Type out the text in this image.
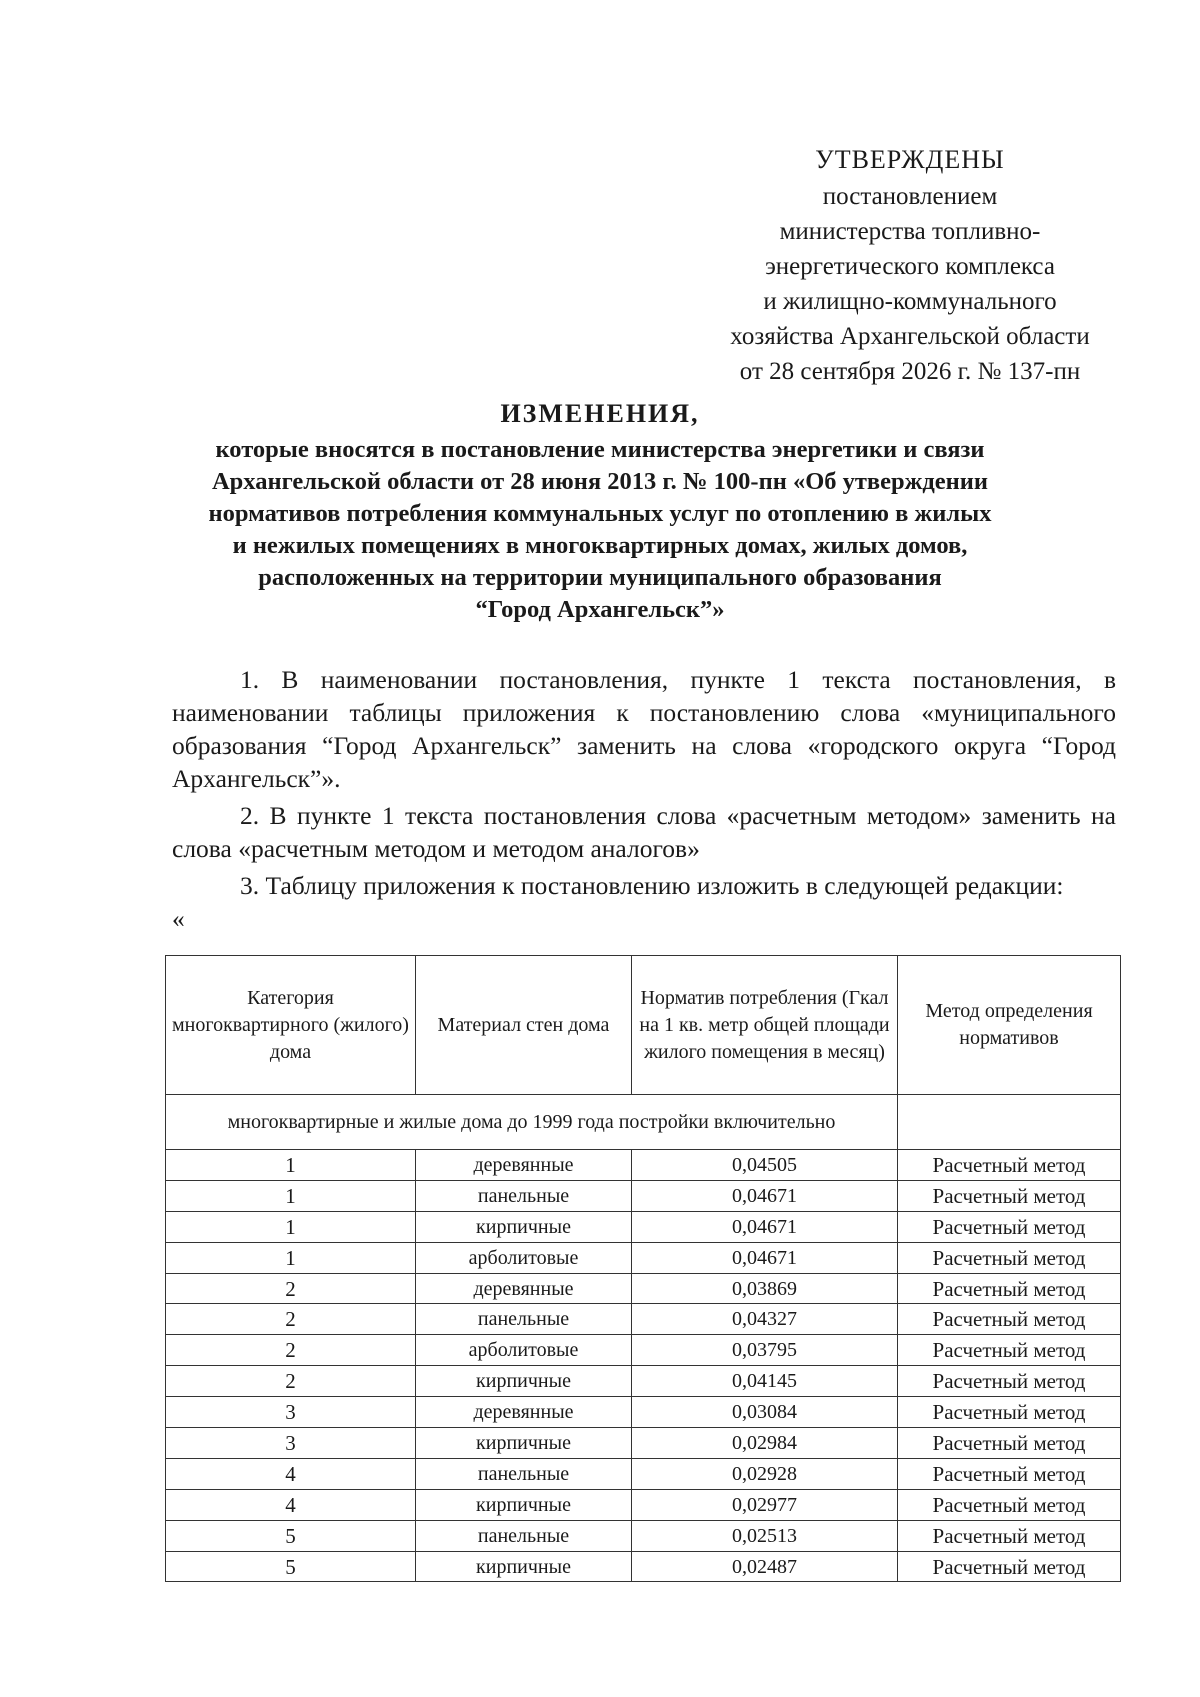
УТВЕРЖДЕНЫ
постановлением
министерства топливно-
энергетического комплекса
и жилищно-коммунального
хозяйства Архангельской области
от 28 сентября 2026 г. № 137-пн
ИЗМЕНЕНИЯ,
которые вносятся в постановление министерства энергетики и связи
Архангельской области от 28 июня 2013 г. № 100-пн «Об утверждении
нормативов потребления коммунальных услуг по отоплению в жилых
и нежилых помещениях в многоквартирных домах, жилых домов,
расположенных на территории муниципального образования
“Город Архангельск”»

1. В наименовании постановления, пункте 1 текста постановления, в наименовании таблицы приложения к постановлению слова «муниципального образования “Город Архангельск” заменить на слова «городского округа “Город Архангельск”».

2. В пункте 1 текста постановления слова «расчетным методом» заменить на слова «расчетным методом и методом аналогов»

3. Таблицу приложения к постановлению изложить в следующей редакции:

«
Категория многоквартирного (жилого) дома	Материал стен дома	Норматив потребления (Гкал на 1 кв. метр общей площади жилого помещения в месяц)	Метод определения нормативов
многоквартирные и жилые дома до 1999 года постройки включительно			
1	деревянные	0,04505	Расчетный метод
1	панельные	0,04671	Расчетный метод
1	кирпичные	0,04671	Расчетный метод
1	арболитовые	0,04671	Расчетный метод
2	деревянные	0,03869	Расчетный метод
2	панельные	0,04327	Расчетный метод
2	арболитовые	0,03795	Расчетный метод
2	кирпичные	0,04145	Расчетный метод
3	деревянные	0,03084	Расчетный метод
3	кирпичные	0,02984	Расчетный метод
4	панельные	0,02928	Расчетный метод
4	кирпичные	0,02977	Расчетный метод
5	панельные	0,02513	Расчетный метод
5	кирпичные	0,02487	Расчетный метод
